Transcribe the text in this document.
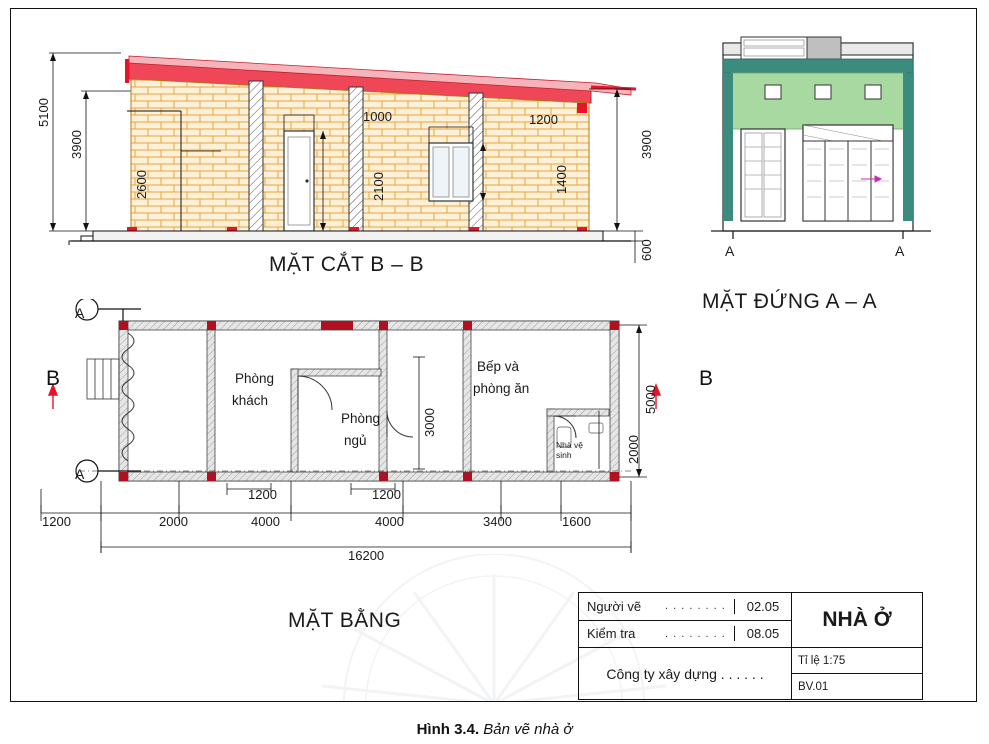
5100
3900
2600
1000
2100
1200
1400
3900
600
MẶT CẮT B – B
A	A
MẶT ĐỨNG A – A
A
A
B	B
Phòng
khách
Phòng
ngủ
Bếp và
phòng ăn
Nhà vệ
sinh
1200	1200
3000
2000
5000
1200	2000	4000	4000	3400	1600
16200
MẶT BẰNG
Người vẽ	. . . . . . . .	02.05
Kiểm tra	. . . . . . . .	08.05
NHÀ Ở
Công ty xây dựng . . . . . .
Tỉ lệ 1:75
BV.01
Hình 3.4. Bản vẽ nhà ở
